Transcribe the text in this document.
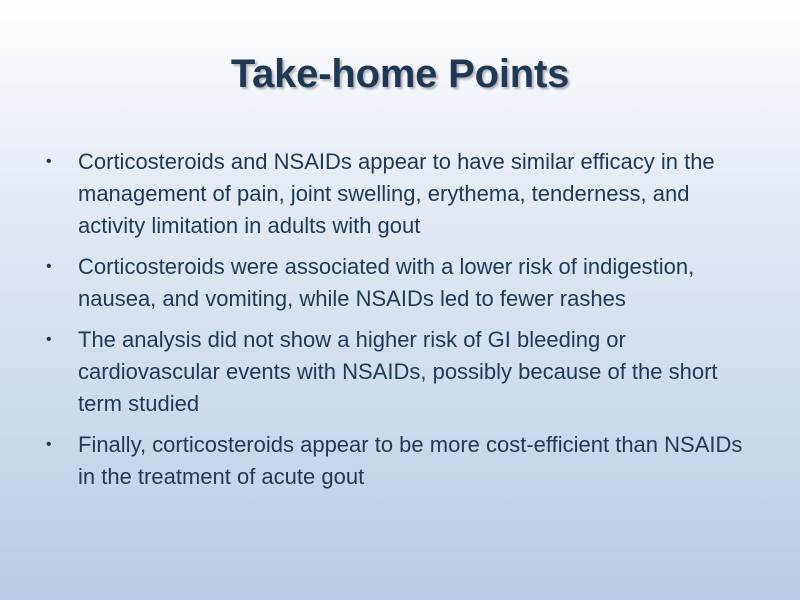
Take-home Points
• Corticosteroids and NSAIDs appear to have similar efficacy in the management of pain, joint swelling, erythema, tenderness, and activity limitation in adults with gout
• Corticosteroids were associated with a lower risk of indigestion, nausea, and vomiting, while NSAIDs led to fewer rashes
• The analysis did not show a higher risk of GI bleeding or cardiovascular events with NSAIDs, possibly because of the short term studied
• Finally, corticosteroids appear to be more cost-efficient than NSAIDs in the treatment of acute gout
